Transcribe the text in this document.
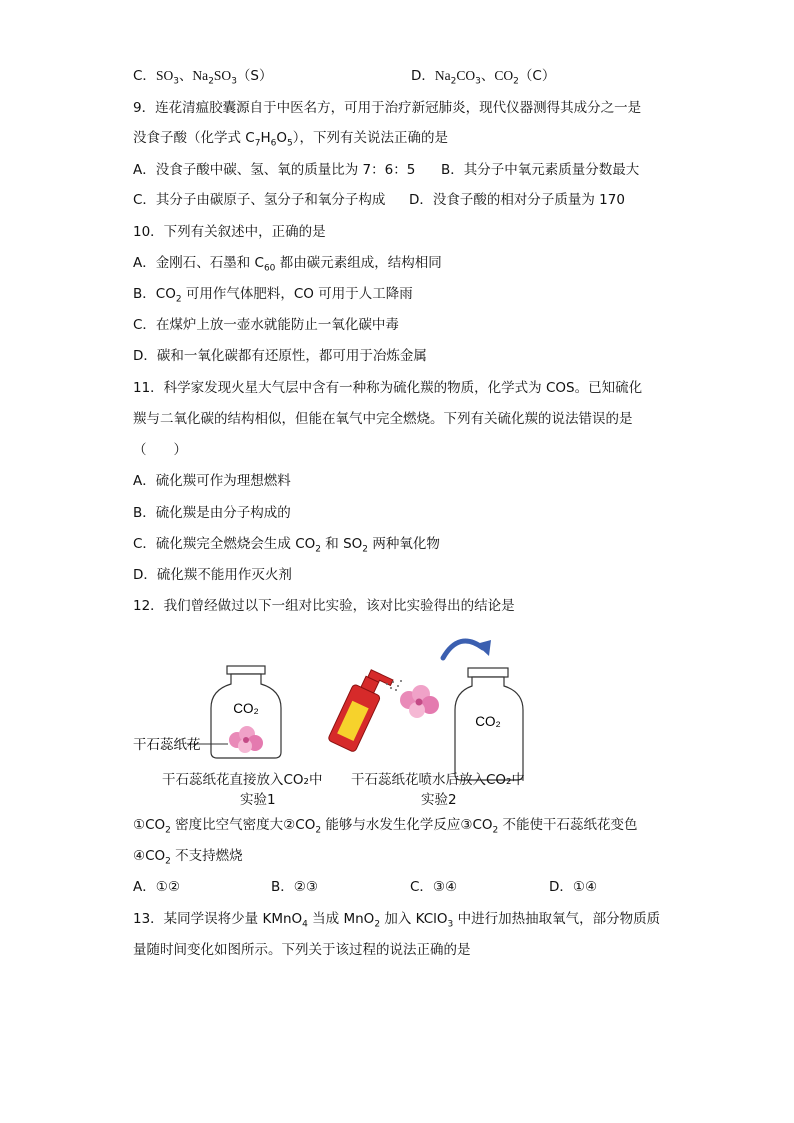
C．$SO_3$、$Na_2SO_3(S)$	D．$Na_2CO_3$、$CO_2(C)$
9．连花清瘟胶囊源自于中医名方，可用于治疗新冠肺炎，现代仪器测得其成分之一是
没食子酸（化学式 $C_7H_6O_5$），下列有关说法正确的是
A．没食子酸中碳、氢、氧的质量比为 7：6：5 B．其分子中氧元素质量分数最大
C．其分子由碳原子、氢分子和氧分子构成 D．没食子酸的相对分子质量为 170
10．下列有关叙述中，正确的是
A．金刚石、石墨和 $C_{60}$ 都由碳元素组成，结构相同
B．$CO_2$ 可用作气体肥料，CO 可用于人工降雨
C．在煤炉上放一壶水就能防止一氧化碳中毒
D．碳和一氧化碳都有还原性，都可用于冶炼金属
11．科学家发现火星大气层中含有一种称为硫化羰的物质，化学式为 COS。已知硫化
羰与二氧化碳的结构相似，但能在氧气中完全燃烧。下列有关硫化羰的说法错误的是
（　　）
A．硫化羰可作为理想燃料
B．硫化羰是由分子构成的
C．硫化羰完全燃烧会生成 $CO_2$ 和 $SO_2$ 两种氧化物
D．硫化羰不能用作灭火剂
12．我们曾经做过以下一组对比实验，该对比实验得出的结论是
CO₂
干石蕊纸花
CO₂
干石蕊纸花直接放入CO₂中
实验1
干石蕊纸花喷水后放入CO₂中
实验2
$①CO_2$ 密度比空气密度大$②CO_2$ 能够与水发生化学反应$③CO_2$ 不能使干石蕊纸花变色
$④CO_2$ 不支持燃烧
A．①②	B．②③	C．③④	D．①④
13．某同学误将少量 KMnO$_4$ 当成 MnO$_2$ 加入 KClO$_3$ 中进行加热抽取氧气，部分物质质
量随时间变化如图所示。下列关于该过程的说法正确的是
